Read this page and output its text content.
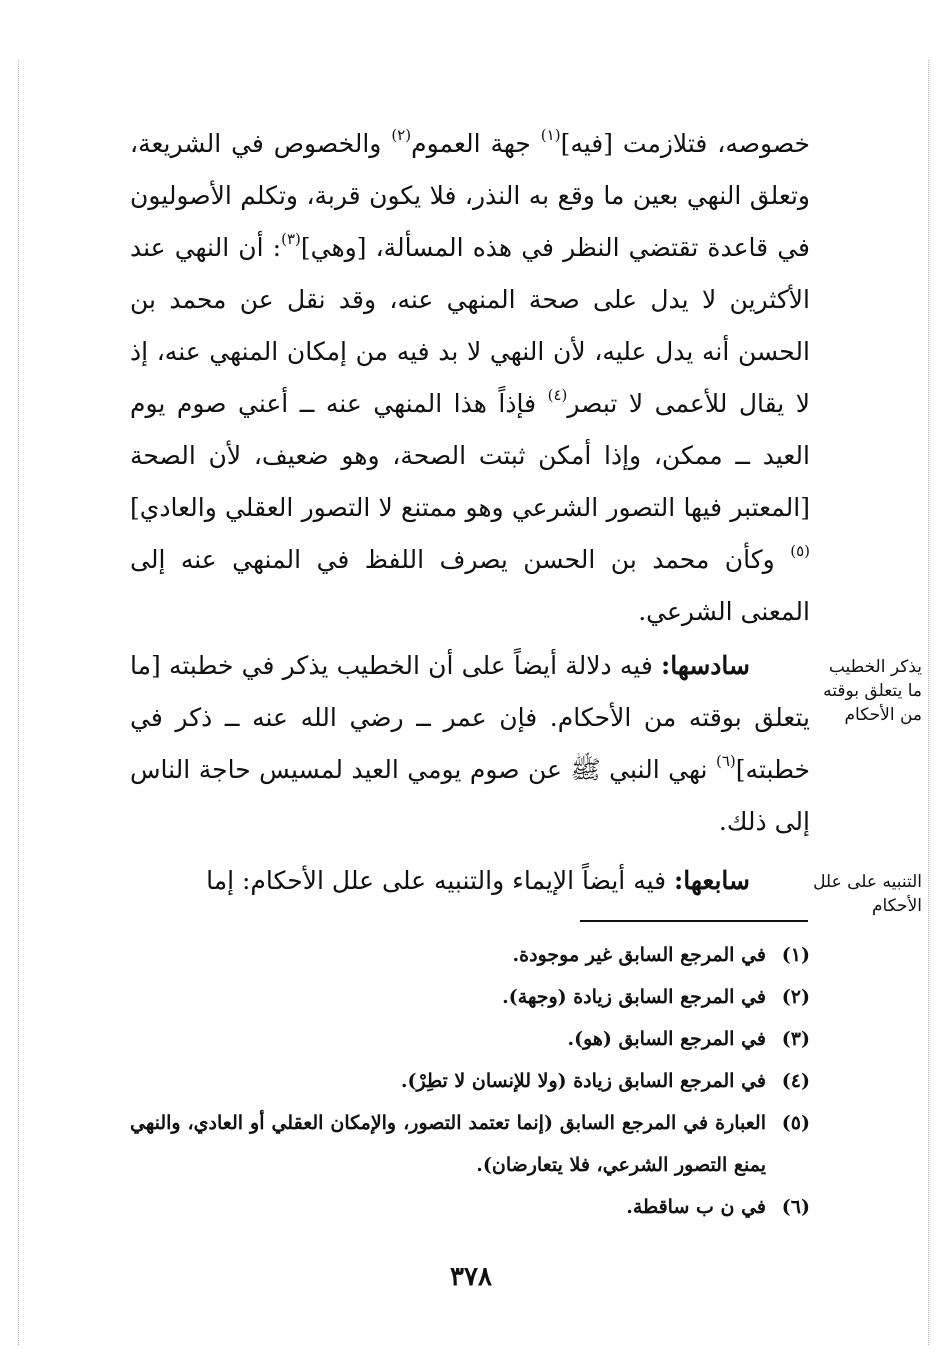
خصوصه، فتلازمت [فيه]$^{(١)}$ جهة العموم$^{(٢)}$ والخصوص في الشريعة، وتعلق النهي بعين ما وقع به النذر، فلا يكون قربة، وتكلم الأصوليون في قاعدة تقتضي النظر في هذه المسألة، [وهي]$^{(٣)}$: أن النهي عند الأكثرين لا يدل على صحة المنهي عنه، وقد نقل عن محمد بن الحسن أنه يدل عليه، لأن النهي لا بد فيه من إمكان المنهي عنه، إذ لا يقال للأعمى لا تبصر$^{(٤)}$ فإذاً هذا المنهي عنه ــ أعني صوم يوم العيد ــ ممكن، وإذا أمكن ثبتت الصحة، وهو ضعيف، لأن الصحة [المعتبر فيها التصور الشرعي وهو ممتنع لا التصور العقلي والعادي]$^{(٥)}$ وكأن محمد بن الحسن يصرف اللفظ في المنهي عنه إلى المعنى الشرعي.

سادسها: فيه دلالة أيضاً على أن الخطيب يذكر في خطبته [ما يتعلق بوقته من الأحكام. فإن عمر ــ رضي الله عنه ــ ذكر في خطبته]$^{(٦)}$ نهي النبي ﷺ عن صوم يومي العيد لمسيس حاجة الناس إلى ذلك.

سابعها: فيه أيضاً الإيماء والتنبيه على علل الأحكام: إما

يذكر الخطيب ما يتعلق بوقته من الأحكام
التنبيه على علل الأحكام
(١)
في المرجع السابق غير موجودة.
(٢)
في المرجع السابق زيادة (وجهة).
(٣)
في المرجع السابق (هو).
(٤)
في المرجع السابق زيادة (ولا للإنسان لا تطِرْ).
(٥)
العبارة في المرجع السابق (إنما تعتمد التصور، والإمكان العقلي أو العادي، والنهي يمنع التصور الشرعي، فلا يتعارضان).
(٦)
في ن ب ساقطة.
٣٧٨
